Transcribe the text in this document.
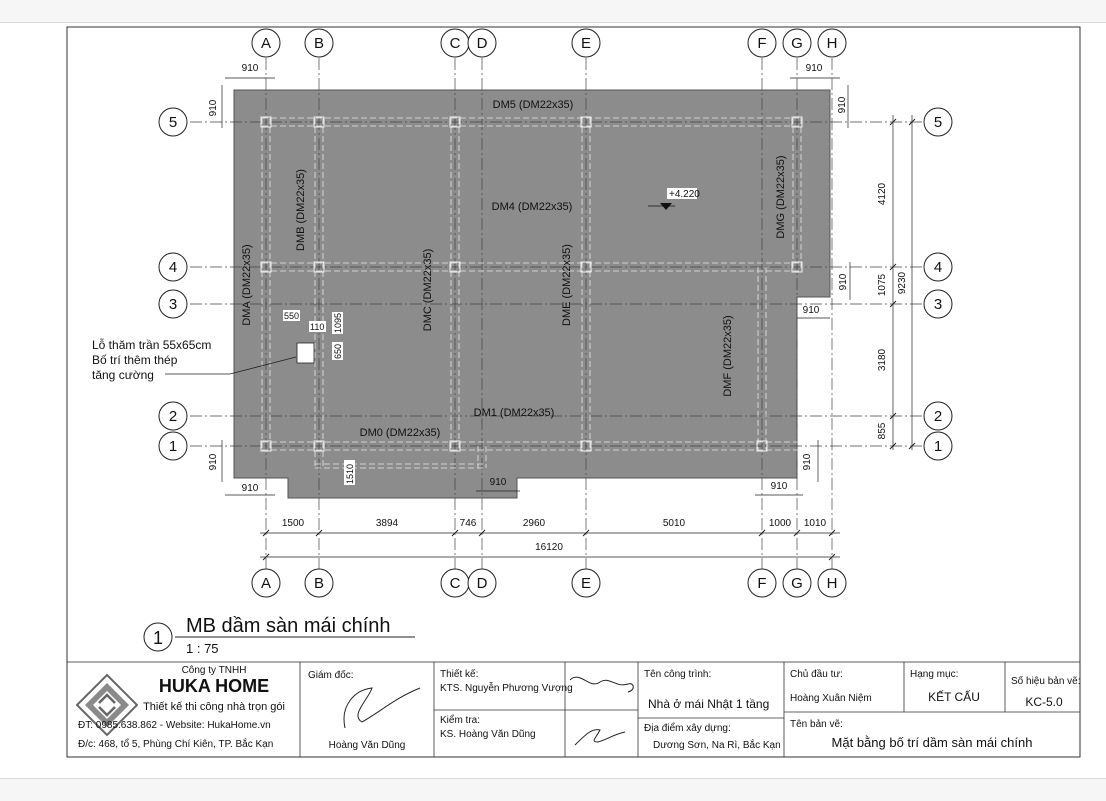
DM5 (DM22x35)
DM4 (DM22x35)
DM1 (DM22x35)
DM0 (DM22x35)
DMA (DM22x35)
DMB (DM22x35)
DMC (DM22x35)	DME (DM22x35)
DMF (DM22x35)
DMG (DM22x35)
+4.220
Lỗ thăm trần 55x65cm
Bố trí thêm thép
tăng cường
550
110 1095
650
1510
1500	3894	746	2960	5010	1000 1010
16120
910	910
910	910
910
910
910
910
910
910
910
4120
1075
3180
855
9230
A	B	C D	E	F G H
A	B	C D	E	F G H
5
4
3
2
1
5
4
3
2
1
1
MB dầm sàn mái chính
1 : 75
Công ty TNHH
HUKA HOME
Thiết kế thi công nhà trọn gói
ĐT: 0985.638.862 - Website: HukaHome.vn
Đ/c: 468, tổ 5, Phùng Chí Kiên, TP. Bắc Kạn
Giám đốc:
Hoàng Văn Dũng
Thiết kế:
KTS. Nguyễn Phương Vượng
Kiểm tra:
KS. Hoàng Văn Dũng
Tên công trình:
Nhà ở mái Nhật 1 tầng
Địa điểm xây dựng:
Dương Sơn, Na Rì, Bắc Kạn
Chủ đầu tư:
Hoàng Xuân Niệm
Hạng mục:
KẾT CẤU
Số hiệu bản vẽ:
KC-5.0
Tên bản vẽ:
Mặt bằng bố trí dầm sàn mái chính
